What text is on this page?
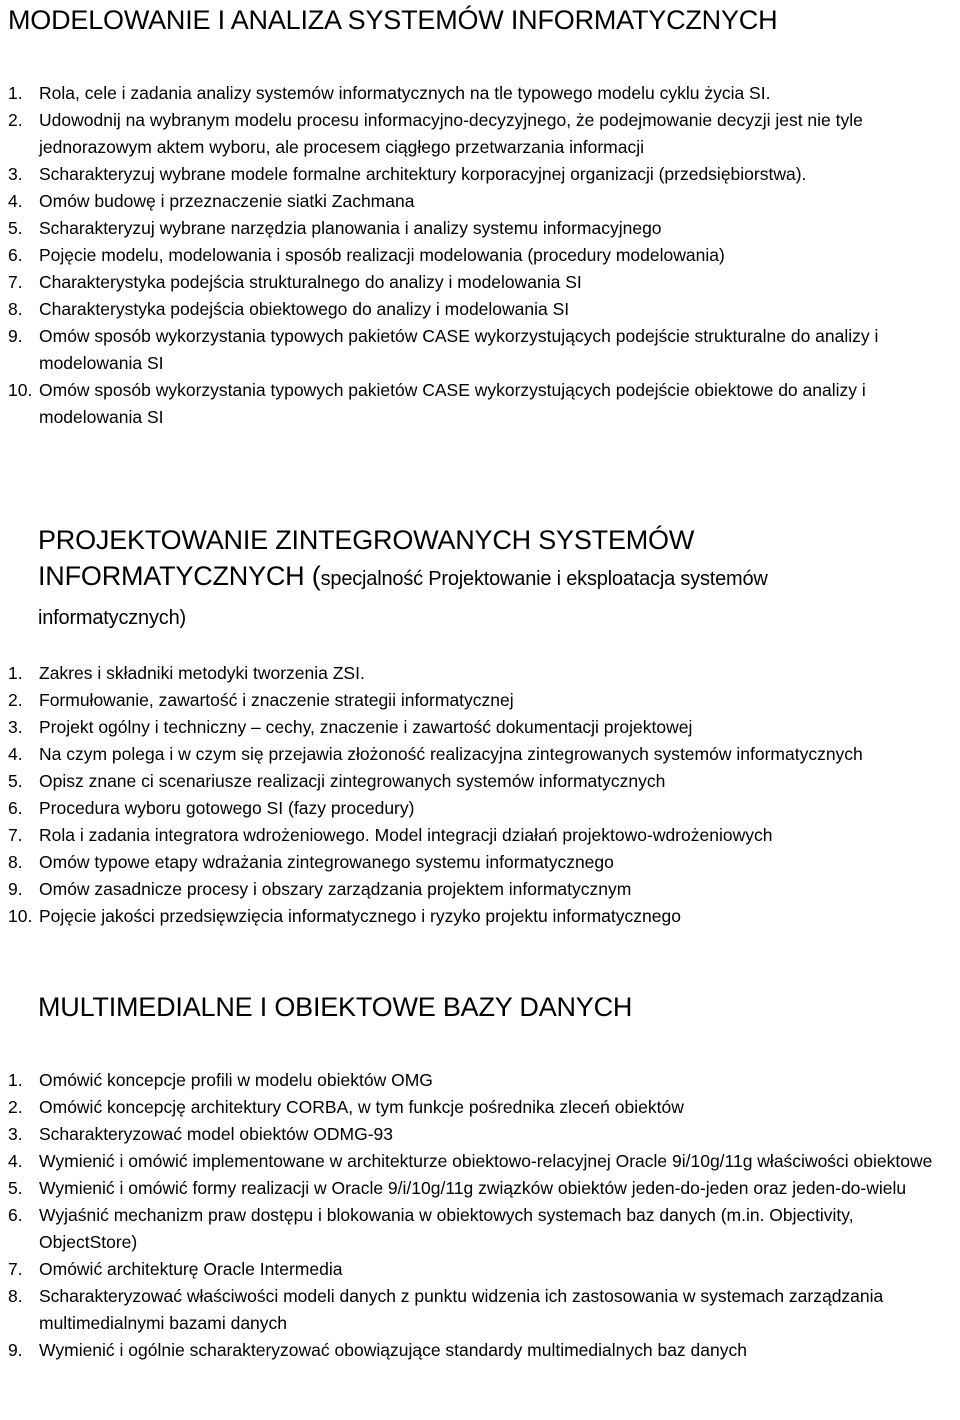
MODELOWANIE I ANALIZA SYSTEMÓW INFORMATYCZNYCH
1. Rola, cele i zadania analizy systemów informatycznych na tle typowego modelu cyklu życia SI.
2. Udowodnij na wybranym modelu procesu informacyjno-decyzyjnego, że podejmowanie decyzji jest nie tyle jednorazowym aktem wyboru, ale procesem ciągłego przetwarzania informacji
3. Scharakteryzuj wybrane modele formalne architektury korporacyjnej organizacji (przedsiębiorstwa).
4. Omów budowę i przeznaczenie siatki Zachmana
5. Scharakteryzuj wybrane narzędzia planowania i analizy systemu informacyjnego
6. Pojęcie modelu, modelowania i sposób realizacji modelowania (procedury modelowania)
7. Charakterystyka podejścia strukturalnego do analizy i modelowania SI
8. Charakterystyka podejścia obiektowego do analizy i modelowania SI
9. Omów sposób wykorzystania typowych pakietów CASE wykorzystujących podejście strukturalne do analizy i modelowania SI
10. Omów sposób wykorzystania typowych pakietów CASE wykorzystujących podejście obiektowe do analizy i modelowania SI
PROJEKTOWANIE ZINTEGROWANYCH SYSTEMÓW
INFORMATYCZNYCH (specjalność Projektowanie i eksploatacja systemów
informatycznych)
1. Zakres i składniki metodyki tworzenia ZSI.
2. Formułowanie, zawartość i znaczenie strategii informatycznej
3. Projekt ogólny i techniczny – cechy, znaczenie i zawartość dokumentacji projektowej
4. Na czym polega i w czym się przejawia złożoność realizacyjna zintegrowanych systemów informatycznych
5. Opisz znane ci scenariusze realizacji zintegrowanych systemów informatycznych
6. Procedura wyboru gotowego SI (fazy procedury)
7. Rola i zadania integratora wdrożeniowego. Model integracji działań projektowo-wdrożeniowych
8. Omów typowe etapy wdrażania zintegrowanego systemu informatycznego
9. Omów zasadnicze procesy i obszary zarządzania projektem informatycznym
10. Pojęcie jakości przedsięwzięcia informatycznego i ryzyko projektu informatycznego
MULTIMEDIALNE I OBIEKTOWE BAZY DANYCH
1. Omówić koncepcje profili w modelu obiektów OMG
2. Omówić koncepcję architektury CORBA, w tym funkcje pośrednika zleceń obiektów
3. Scharakteryzować model obiektów ODMG-93
4. Wymienić i omówić implementowane w architekturze obiektowo-relacyjnej Oracle 9i/10g/11g właściwości obiektowe
5. Wymienić i omówić formy realizacji w Oracle 9/i/10g/11g związków obiektów jeden-do-jeden oraz jeden-do-wielu
6. Wyjaśnić mechanizm praw dostępu i blokowania w obiektowych systemach baz danych (m.in. Objectivity, ObjectStore)
7. Omówić architekturę Oracle Intermedia
8. Scharakteryzować właściwości modeli danych z punktu widzenia ich zastosowania w systemach zarządzania multimedialnymi bazami danych
9. Wymienić i ogólnie scharakteryzować obowiązujące standardy multimedialnych baz danych
